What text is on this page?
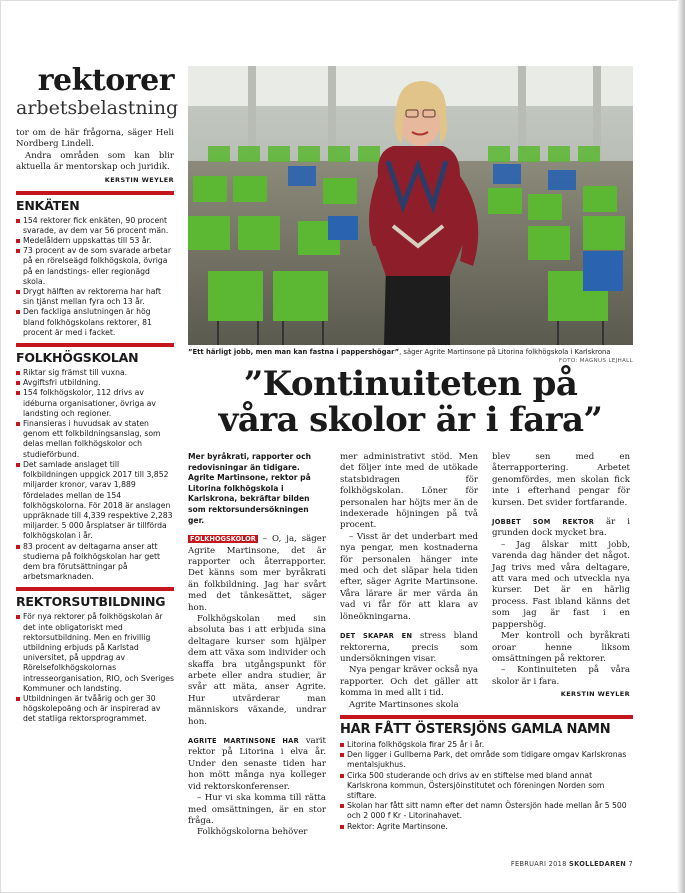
rektorer
arbetsbelastning
tor om de här frågorna, säger Heli Nordberg Lindell.
Andra områden som kan blir aktuella är mentorskap och juridik.
KERSTIN WEYLER
ENKÄTEN

154 rektorer fick enkäten, 90 procent svarade, av dem var 56 procent män.

Medelåldern uppskattas till 53 år.

73 procent av de som svarade arbetar på en rörelseägd folkhögskola, övriga på en landstings- eller regionägd skola.

Drygt hälften av rektorerna har haft sin tjänst mellan fyra och 13 år.

Den fackliga anslutningen är hög bland folkhögskolans rektorer, 81 procent är med i facket.

FOLKHÖGSKOLAN

Riktar sig främst till vuxna.

Avgiftsfri utbildning.

154 folkhögskolor, 112 drivs av idéburna organisationer, övriga av landsting och regioner.

Finansieras i huvudsak av staten genom ett folkbildningsanslag, som delas mellan folkhögskolor och studieförbund.

Det samlade anslaget till folkbildningen uppgick 2017 till 3,852 miljarder kronor, varav 1,889 fördelades mellan de 154 folkhögskolorna. För 2018 är anslagen uppräknade till 4,339 respektive 2,283 miljarder. 5 000 årsplatser är tillförda folkhögskolan i år.

83 procent av deltagarna anser att studierna på folkhögskolan har gett dem bra förutsättningar på arbetsmarknaden.

REKTORSUTBILDNING

För nya rektorer på folkhögskolan är det inte obligatoriskt med rektorsutbildning. Men en frivillig utbildning erbjuds på Karlstad universitet, på uppdrag av Rörelsefolkhögskolornas intresseorganisation, RIO, och Sveriges Kommuner och landsting.

Utbildningen är tvåårig och ger 30 högskolepoäng och är inspirerad av det statliga rektorsprogrammet.

”Ett härligt jobb, men man kan fastna i pappershögar”, säger Agrite Martinsone på Litorina folkhögskola i Karlskrona
FOTO: MAGNUS LEJHALL
”Kontinuiteten på
våra skolor är i fara”
Mer byråkrati, rapporter och redovisningar än tidigare. Agrite Martinsone, rektor på Litorina folkhögskola i Karlskrona, bekräftar bilden som rektorsundersökningen ger.

FOLKHÖGSKOLOR – O, ja, säger Agrite Martinsone, det är rapporter och återrapporter. Det känns som mer byråkrati än folkbildning. Jag har svårt med det tänkesättet, säger hon.

Folkhögskolan med sin absoluta bas i att erbjuda sina deltagare kurser som hjälper dem att växa som individer och skaffa bra utgångspunkt för arbete eller andra studier, är svår att mäta, anser Agrite. Hur utvärderar man människors växande, undrar hon.

AGRITE MARTINSONE HAR varit rektor på Litorina i elva år. Under den senaste tiden har hon mött många nya kolleger vid rektorskonferenser.

– Hur vi ska komma till rätta med omsättningen, är en stor fråga.

Folkhögskolorna behöver

mer administrativt stöd. Men det följer inte med de utökade statsbidragen för folkhögskolan. Löner för personalen har höjts mer än de indexerade höjningen på två procent.

– Visst är det underbart med nya pengar, men kostnaderna för personalen hänger inte med och det släpar hela tiden efter, säger Agrite Martinsone. Våra lärare är mer värda än vad vi får för att klara av löneökningarna.

DET SKAPAR EN stress bland rektorerna, precis som undersökningen visar.

Nya pengar kräver också nya rapporter. Och det gäller att komma in med allt i tid.

Agrite Martinsones skola

blev sen med en återrapportering. Arbetet genomfördes, men skolan fick inte i efterhand pengar för kursen. Det svider fortfarande.

JOBBET SOM REKTOR är i grunden dock mycket bra.

– Jag älskar mitt jobb, varenda dag händer det något. Jag trivs med våra deltagare, att vara med och utveckla nya kurser. Det är en härlig process. Fast ibland känns det som jag är fast i en pappershög.

Mer kontroll och byråkrati oroar henne liksom omsättningen på rektorer.

– Kontinuiteten på våra skolor är i fara.

KERSTIN WEYLER
HAR FÅTT ÖSTERSJÖNS GAMLA NAMN

Litorina folkhögskola firar 25 år i år.

Den ligger i Gullberna Park, det område som tidigare omgav Karlskronas mentalsjukhus.

Cirka 500 studerande och drivs av en stiftelse med bland annat Karlskrona kommun, Östersjöinstitutet och föreningen Norden som stiftare.

Skolan har fått sitt namn efter det namn Östersjön hade mellan år 5 500 och 2 000 f Kr - Litorinahavet.

Rektor: Agrite Martinsone.

FEBRUARI 2018 SKOLLEDAREN 7
